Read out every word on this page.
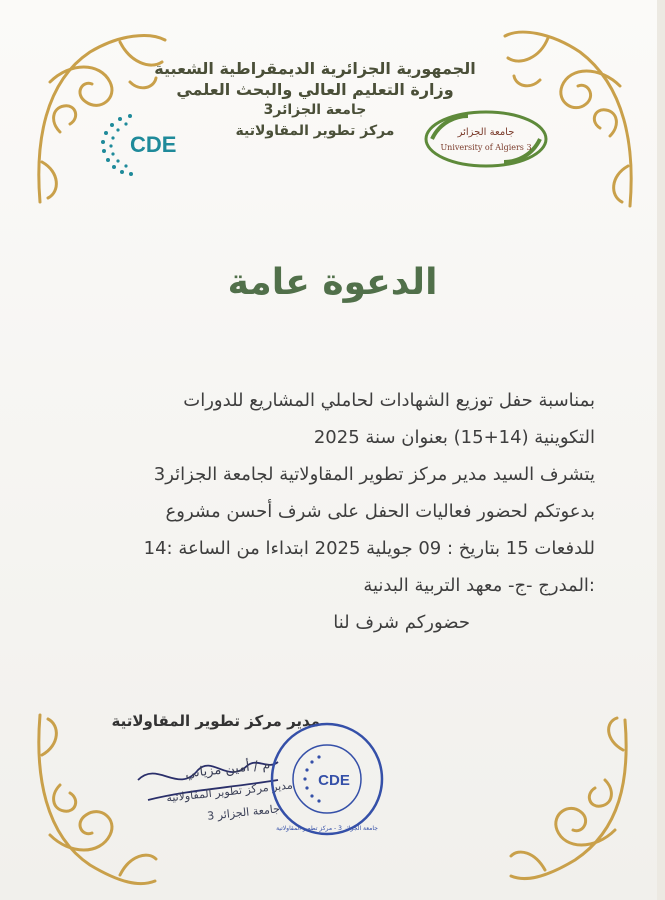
الجمهورية الجزائرية الديمقراطية الشعبية
وزارة التعليم العالي والبحث العلمي
جامعة الجزائر3
مركز تطوير المقاولاتية
CDE	جامعة الجزائر
University of Algiers 3
الدعوة عامة
بمناسبة حفل توزيع الشهادات لحاملي المشاريع للدورات
التكوينية (14+15) بعنوان سنة 2025
يتشرف السيد مدير مركز تطوير المقاولاتية لجامعة الجزائر3
بدعوتكم لحضور فعاليات الحفل على شرف أحسن مشروع
للدفعات 15 بتاريخ : 09 جويلية 2025 ابتداءا من الساعة :14
:المدرج -ج- معهد التربية البدنية
حضوركم شرف لنا
مدير مركز تطوير المقاولاتية
م / أمين مزياني
مدير مركز تطوير المقاولاتية
جامعة الجزائر 3
CDE
جامعة الجزائر 3 - مركز تطوير المقاولاتية
